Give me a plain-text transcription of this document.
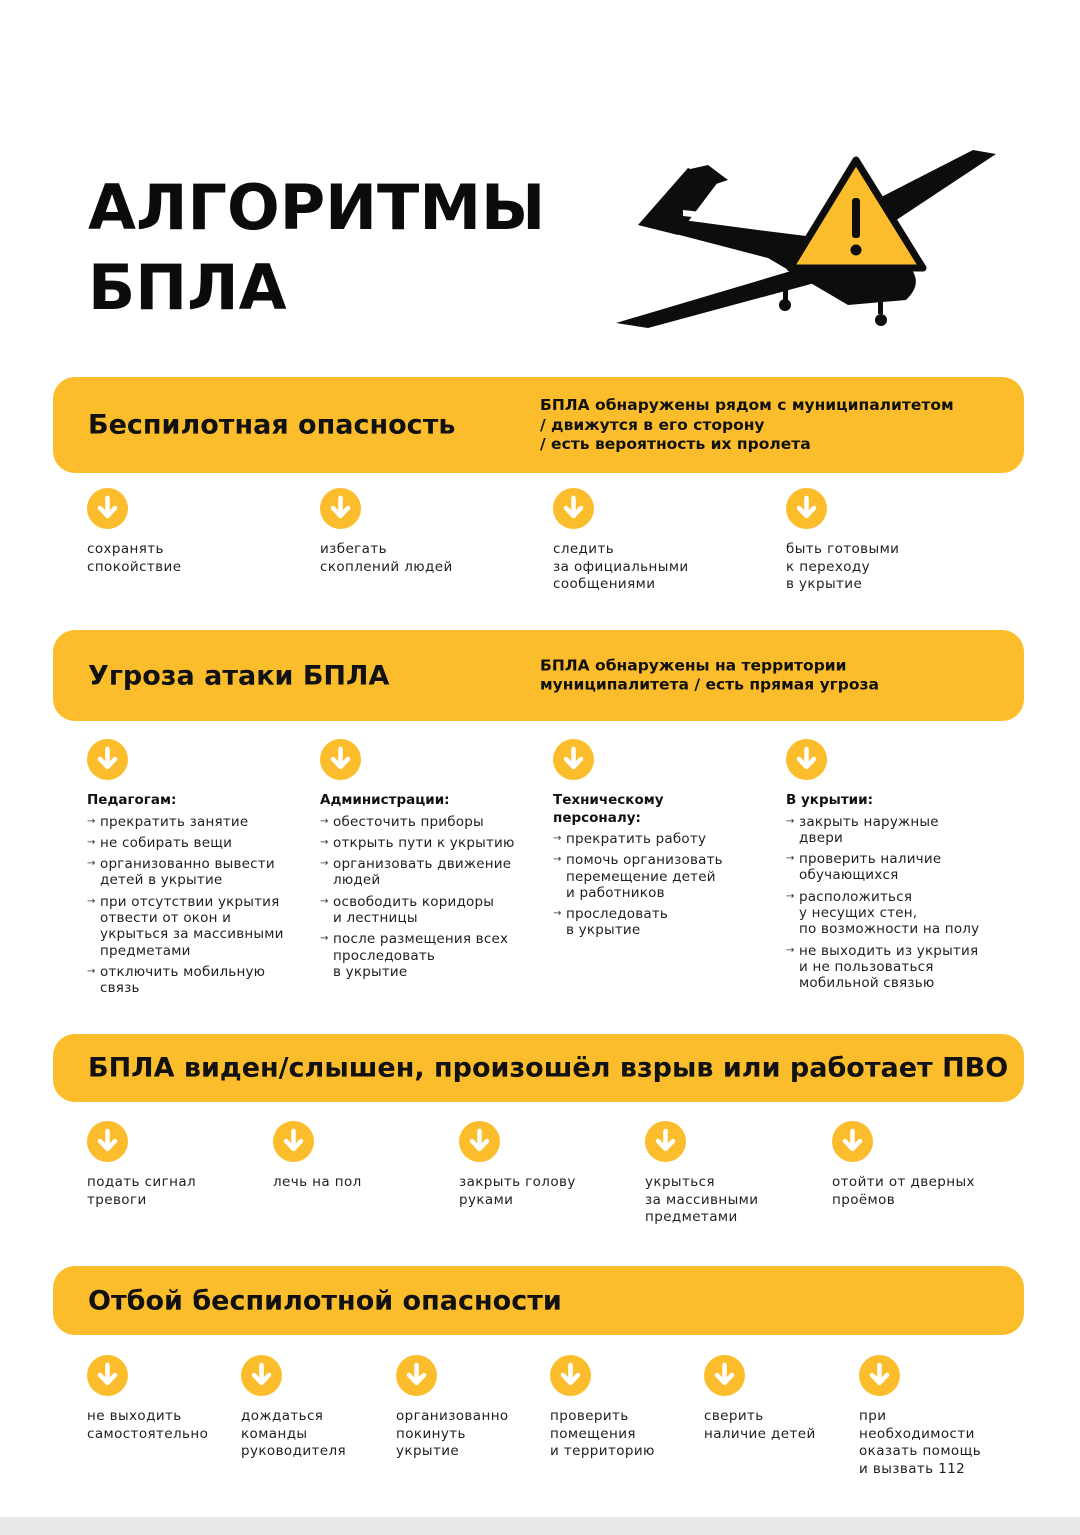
АЛГОРИТМЫ
БПЛА
Беспилотная опасность
БПЛА обнаружены рядом с муниципалитетом
/ движутся в его сторону
/ есть вероятность их пролета
сохранять
спокойствие
избегать
скоплений людей
следить
за официальными
сообщениями
быть готовыми
к переходу
в укрытие
Угроза атаки БПЛА	БПЛА обнаружены на территории
муниципалитета / есть прямая угроза
Педагогам:
→ прекратить занятие
→ не собирать вещи
→ организованно вывести
детей в укрытие
→ при отсутствии укрытия
отвести от окон и
укрыться за массивными
предметами
→ отключить мобильную
связь
Администрации:
→ обесточить приборы
→ открыть пути к укрытию
→ организовать движение
людей
→ освободить коридоры
и лестницы
→ после размещения всех
проследовать
в укрытие
Техническому
персоналу:
→ прекратить работу
→ помочь организовать
перемещение детей
и работников
→ проследовать
в укрытие
В укрытии:
→ закрыть наружные
двери
→ проверить наличие
обучающихся
→ расположиться
у несущих стен,
по возможности на полу
→ не выходить из укрытия
и не пользоваться
мобильной связью
БПЛА виден/слышен, произошёл взрыв или работает ПВО
подать сигнал
тревоги
лечь на пол	закрыть голову
руками
укрыться
за массивными
предметами
отойти от дверных
проёмов
Отбой беспилотной опасности
не выходить
самостоятельно
дождаться
команды
руководителя
организованно
покинуть
укрытие
проверить
помещения
и территорию
сверить
наличие детей
при
необходимости
оказать помощь
и вызвать 112
